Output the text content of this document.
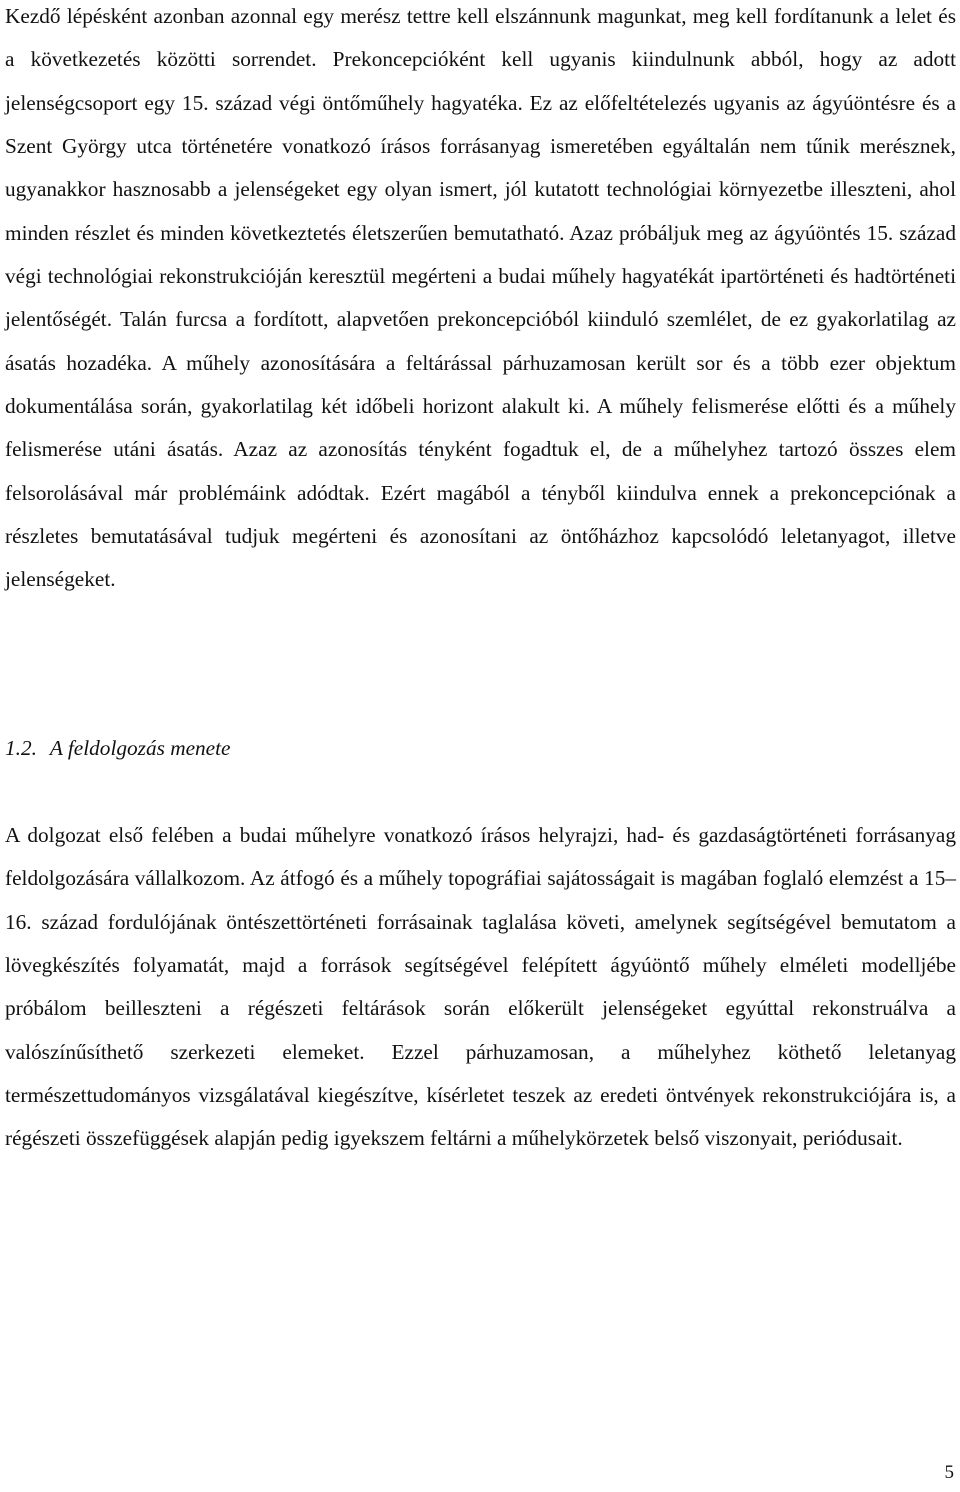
Kezdő lépésként azonban azonnal egy merész tettre kell elszánnunk magunkat, meg kell fordítanunk a lelet és a következetés közötti sorrendet. Prekoncepcióként kell ugyanis kiindulnunk abból, hogy az adott jelenségcsoport egy 15. század végi öntőműhely hagyatéka. Ez az előfeltételezés ugyanis az ágyúöntésre és a Szent György utca történetére vonatkozó írásos forrásanyag ismeretében egyáltalán nem tűnik merésznek, ugyanakkor hasznosabb a jelenségeket egy olyan ismert, jól kutatott technológiai környezetbe illeszteni, ahol minden részlet és minden következtetés életszerűen bemutatható. Azaz próbáljuk meg az ágyúöntés 15. század végi technológiai rekonstrukcióján keresztül megérteni a budai műhely hagyatékát ipartörténeti és hadtörténeti jelentőségét. Talán furcsa a fordított, alapvetően prekoncepcióból kiinduló szemlélet, de ez gyakorlatilag az ásatás hozadéka. A műhely azonosítására a feltárással párhuzamosan került sor és a több ezer objektum dokumentálása során, gyakorlatilag két időbeli horizont alakult ki. A műhely felismerése előtti és a műhely felismerése utáni ásatás. Azaz az azonosítás tényként fogadtuk el, de a műhelyhez tartozó összes elem felsorolásával már problémáink adódtak. Ezért magából a tényből kiindulva ennek a prekoncepciónak a részletes bemutatásával tudjuk megérteni és azonosítani az öntőházhoz kapcsolódó leletanyagot, illetve jelenségeket.

1.2. A feldolgozás menete

A dolgozat első felében a budai műhelyre vonatkozó írásos helyrajzi, had- és gazdaságtörténeti forrásanyag feldolgozására vállalkozom. Az átfogó és a műhely topográfiai sajátosságait is magában foglaló elemzést a 15–16. század fordulójának öntészettörténeti forrásainak taglalása követi, amelynek segítségével bemutatom a lövegkészítés folyamatát, majd a források segítségével felépített ágyúöntő műhely elméleti modelljébe próbálom beilleszteni a régészeti feltárások során előkerült jelenségeket egyúttal rekonstruálva a valószínűsíthető szerkezeti elemeket. Ezzel párhuzamosan, a műhelyhez köthető leletanyag természettudományos vizsgálatával kiegészítve, kísérletet teszek az eredeti öntvények rekonstrukciójára is, a régészeti összefüggések alapján pedig igyekszem feltárni a műhelykörzetek belső viszonyait, periódusait.

5
